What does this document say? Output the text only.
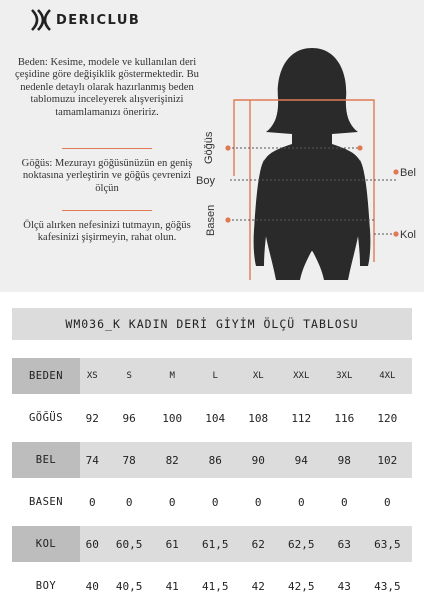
DERICLUB
Beden: Kesime, modele ve kullanılan deri çeşidine göre değişiklik göstermektedir. Bu nedenle detaylı olarak hazırlanmış beden tablomuzu inceleyerek alışverişinizi tamamlamanızı öneririz.
Göğüs: Mezurayı göğüsünüzün en geniş noktasına yerleştirin ve göğüs çevrenizi ölçün
Ölçü alırken nefesinizi tutmayın, göğüs kafesinizi şişirmeyin, rahat olun.
Göğüs
Boy
Basen
Bel
Kol
WM036_K KADIN DERİ GİYİM ÖLÇÜ TABLOSU
BEDEN	XS	S	M	L	XL	XXL	3XL	4XL

GÖĞÜS	92	96	100	104	108	112	116	120

BEL	74	78	82	86	90	94	98	102

BASEN	0	0	0	0	0	0	0	0

KOL	60	60,5	61	61,5	62	62,5	63	63,5

BOY	40	40,5	41	41,5	42	42,5	43	43,5
